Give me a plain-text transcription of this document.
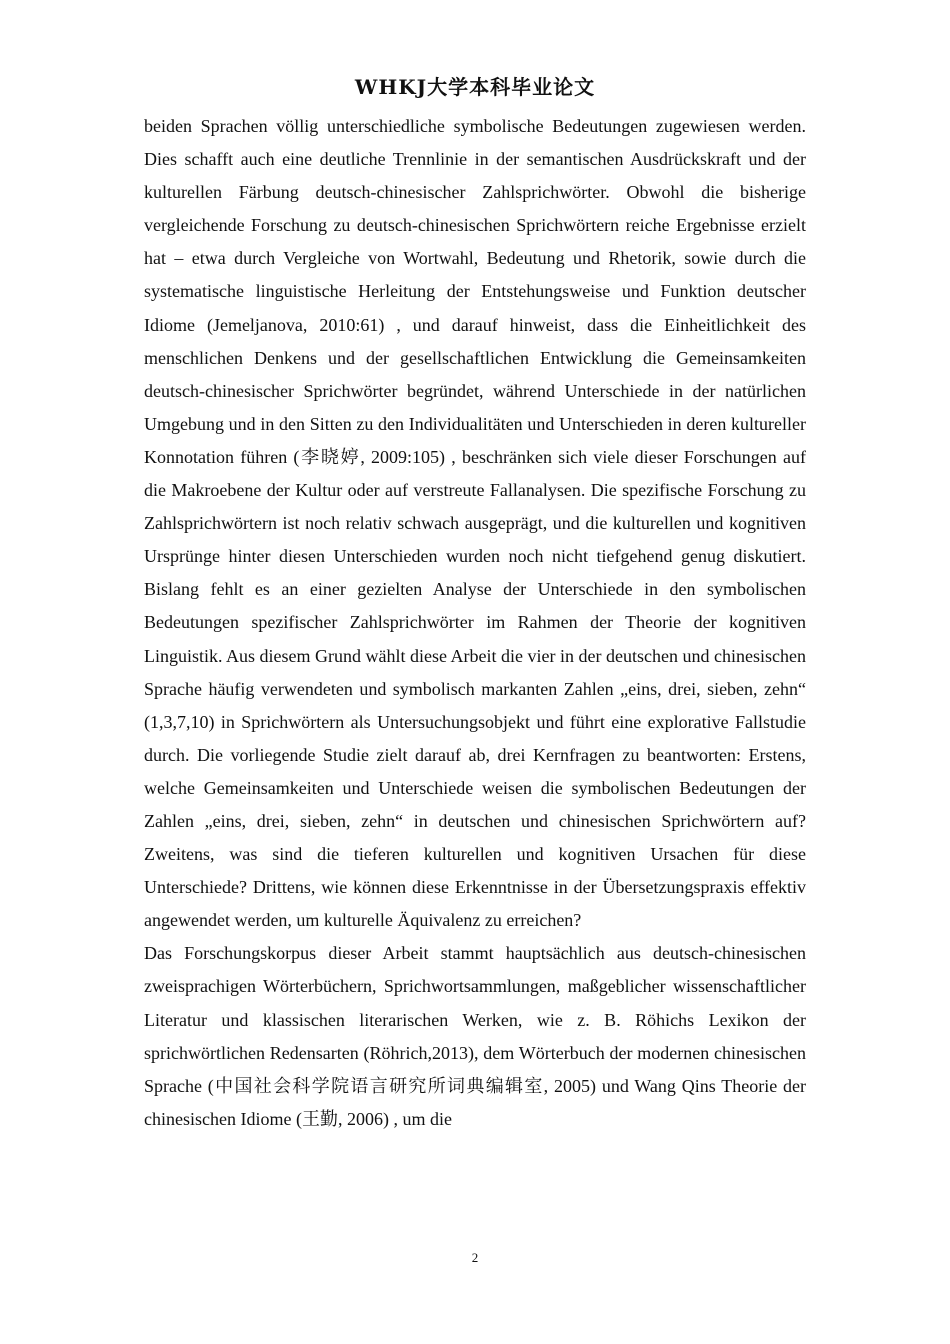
WHKJ大学本科毕业论文

beiden Sprachen völlig unterschiedliche symbolische Bedeutungen zugewiesen werden. Dies schafft auch eine deutliche Trennlinie in der semantischen Ausdrückskraft und der kulturellen Färbung deutsch-chinesischer Zahlsprichwörter. Obwohl die bisherige vergleichende Forschung zu deutsch-chinesischen Sprichwörtern reiche Ergebnisse erzielt hat – etwa durch Vergleiche von Wortwahl, Bedeutung und Rhetorik, sowie durch die systematische linguistische Herleitung der Entstehungsweise und Funktion deutscher Idiome (Jemeljanova, 2010:61) , und darauf hinweist, dass die Einheitlichkeit des menschlichen Denkens und der gesellschaftlichen Entwicklung die Gemeinsamkeiten deutsch-chinesischer Sprichwörter begründet, während Unterschiede in der natürlichen Umgebung und in den Sitten zu den Individualitäten und Unterschieden in deren kultureller Konnotation führen (李晓婷, 2009:105) , beschränken sich viele dieser Forschungen auf die Makroebene der Kultur oder auf verstreute Fallanalysen. Die spezifische Forschung zu Zahlsprichwörtern ist noch relativ schwach ausgeprägt, und die kulturellen und kognitiven Ursprünge hinter diesen Unterschieden wurden noch nicht tiefgehend genug diskutiert. Bislang fehlt es an einer gezielten Analyse der Unterschiede in den symbolischen Bedeutungen spezifischer Zahlsprichwörter im Rahmen der Theorie der kognitiven Linguistik. Aus diesem Grund wählt diese Arbeit die vier in der deutschen und chinesischen Sprache häufig verwendeten und symbolisch markanten Zahlen „eins, drei, sieben, zehn“ (1,3,7,10) in Sprichwörtern als Untersuchungsobjekt und führt eine explorative Fallstudie durch. Die vorliegende Studie zielt darauf ab, drei Kernfragen zu beantworten: Erstens, welche Gemeinsamkeiten und Unterschiede weisen die symbolischen Bedeutungen der Zahlen „eins, drei, sieben, zehn“ in deutschen und chinesischen Sprichwörtern auf? Zweitens, was sind die tieferen kulturellen und kognitiven Ursachen für diese Unterschiede? Drittens, wie können diese Erkenntnisse in der Übersetzungspraxis effektiv angewendet werden, um kulturelle Äquivalenz zu erreichen?

Das Forschungskorpus dieser Arbeit stammt hauptsächlich aus deutsch-chinesischen zweisprachigen Wörterbüchern, Sprichwortsammlungen, maßgeblicher wissenschaftlicher Literatur und klassischen literarischen Werken, wie z. B. Röhichs Lexikon der sprichwörtlichen Redensarten (Röhrich,2013), dem Wörterbuch der modernen chinesischen Sprache (中国社会科学院语言研究所词典编辑室, 2005) und Wang Qins Theorie der chinesischen Idiome (王勤, 2006) , um die

2
